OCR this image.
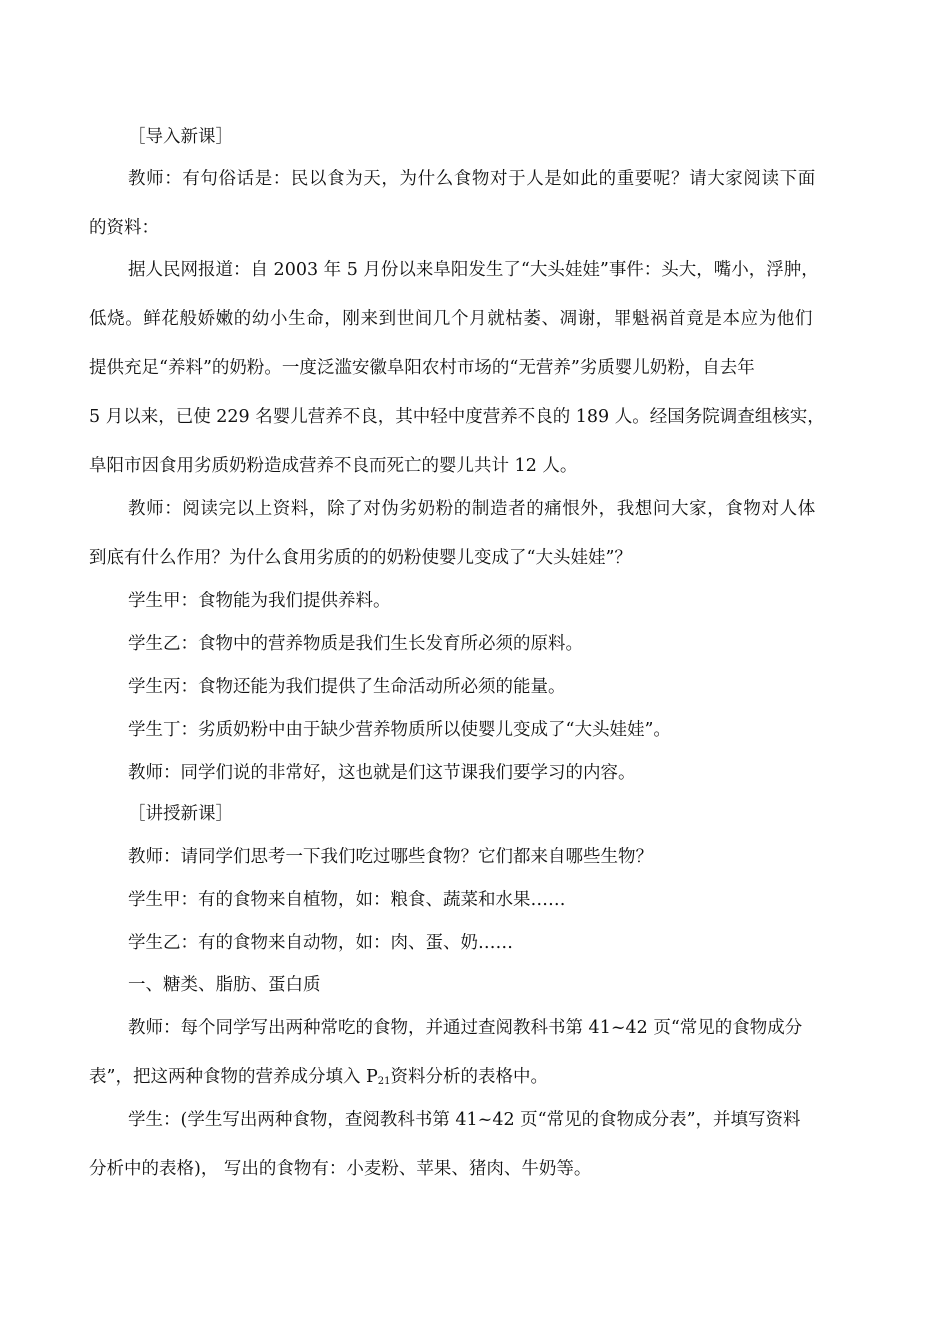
［导入新课］
教师：有句俗话是：民以食为天，为什么食物对于人是如此的重要呢？请大家阅读下面
的资料：
据人民网报道：自 2003 年 5 月份以来阜阳发生了“大头娃娃”事件：头大，嘴小，浮肿，
低烧。鲜花般娇嫩的幼小生命，刚来到世间几个月就枯萎、凋谢，罪魁祸首竟是本应为他们
提供充足“养料”的奶粉。一度泛滥安徽阜阳农村市场的“无营养”劣质婴儿奶粉，自去年
5 月以来，已使 229 名婴儿营养不良，其中轻中度营养不良的 189 人。经国务院调查组核实，
阜阳市因食用劣质奶粉造成营养不良而死亡的婴儿共计 12 人。
教师：阅读完以上资料，除了对伪劣奶粉的制造者的痛恨外，我想问大家，食物对人体
到底有什么作用？为什么食用劣质的的奶粉使婴儿变成了“大头娃娃”？
学生甲：食物能为我们提供养料。
学生乙：食物中的营养物质是我们生长发育所必须的原料。
学生丙：食物还能为我们提供了生命活动所必须的能量。
学生丁：劣质奶粉中由于缺少营养物质所以使婴儿变成了“大头娃娃”。
教师：同学们说的非常好，这也就是们这节课我们要学习的内容。
［讲授新课］
教师：请同学们思考一下我们吃过哪些食物？它们都来自哪些生物？
学生甲：有的食物来自植物，如：粮食、蔬菜和水果……
学生乙：有的食物来自动物，如：肉、蛋、奶……
一、糖类、脂肪、蛋白质
教师：每个同学写出两种常吃的食物，并通过查阅教科书第 41~42 页“常见的食物成分
表”，把这两种食物的营养成分填入 $P_{21}$资料分析的表格中。
学生：(学生写出两种食物，查阅教科书第 41~42 页“常见的食物成分表”，并填写资料
分析中的表格)， 写出的食物有：小麦粉、苹果、猪肉、牛奶等。
